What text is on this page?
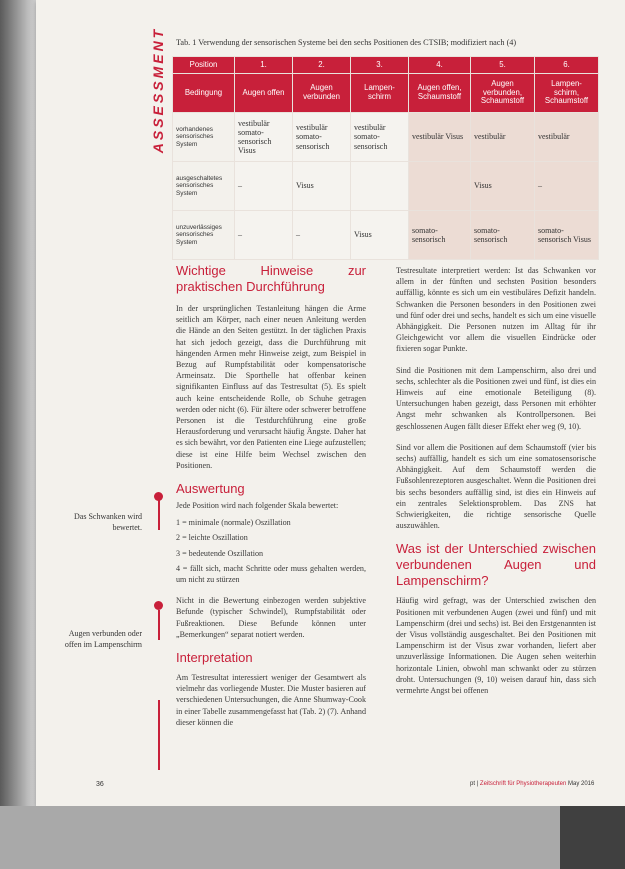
ASSESSMENT Tab. 1 Verwendung der sensorischen Systeme bei den sechs Positionen des CTSIB; modifiziert nach (4)
Position	1.	2.	3.	4.	5.	6.
Bedingung	Augen offen	Augen verbunden	Lampen- schirm	Augen offen, Schaumstoff	Augen verbunden, Schaumstoff	Lampen- schirm, Schaumstoff
vorhandenes sensorisches System	vestibulär somato- sensorisch Visus	vestibulär somato- sensorisch	vestibulär somato- sensorisch	vestibulär Visus	vestibulär	vestibulär
ausgeschaltetes sensorisches System	–	Visus			Visus	–
unzuverlässiges sensorisches System	–	–	Visus	somato- sensorisch	somato- sensorisch	somato- sensorisch Visus
Wichtige Hinweise zur praktischen Durchführung

In der ursprünglichen Testanleitung hängen die Arme seitlich am Körper, nach einer neuen Anleitung werden die Hände an den Seiten gestützt. In der täglichen Praxis hat sich jedoch gezeigt, dass die Durchführung mit hängenden Armen mehr Hinweise zeigt, zum Beispiel in Bezug auf Rumpfstabilität oder kompensatorische Armeinsatz. Die Sporthelle hat offenbar keinen signifikanten Einfluss auf das Testresultat (5). Es spielt auch keine entscheidende Rolle, ob Schuhe getragen werden oder nicht (6). Für ältere oder schwerer betroffene Personen ist die Testdurchführung eine große Herausforderung und verursacht häufig Ängste. Daher hat es sich bewährt, vor den Patienten eine Liege aufzustellen; diese ist eine Hilfe beim Wechsel zwischen den Positionen.

Auswertung

Jede Position wird nach folgender Skala bewertet:

1 = minimale (normale) Oszillation
2 = leichte Oszillation
3 = bedeutende Oszillation
4 = fällt sich, macht Schritte oder muss gehalten werden, um nicht zu stürzen

Nicht in die Bewertung einbezogen werden subjektive Befunde (typischer Schwindel), Rumpfstabilität oder Fußreaktionen. Diese Befunde können unter „Bemerkungen“ separat notiert werden.

Interpretation

Am Testresultat interessiert weniger der Gesamtwert als vielmehr das vorliegende Muster. Die Muster basieren auf verschiedenen Untersuchungen, die Anne Shumway-Cook in einer Tabelle zusammengefasst hat (Tab. 2) (7). Anhand dieser können die

Testresultate interpretiert werden: Ist das Schwanken vor allem in der fünften und sechsten Position besonders auffällig, könnte es sich um ein vestibuläres Defizit handeln. Schwanken die Personen besonders in den Positionen zwei und fünf oder drei und sechs, handelt es sich um eine visuelle Abhängigkeit. Die Personen nutzen im Alltag für ihr Gleichgewicht vor allem die visuellen Eindrücke oder fixieren sogar Punkte.

Sind die Positionen mit dem Lampenschirm, also drei und sechs, schlechter als die Positionen zwei und fünf, ist dies ein Hinweis auf eine emotionale Beteiligung (8). Untersuchungen haben gezeigt, dass Personen mit erhöhter Angst mehr schwanken als Kontrollpersonen. Bei geschlossenen Augen fällt dieser Effekt eher weg (9, 10).

Sind vor allem die Positionen auf dem Schaumstoff (vier bis sechs) auffällig, handelt es sich um eine somatosensorische Abhängigkeit. Auf dem Schaumstoff werden die Fußsohlenrezeptoren ausgeschaltet. Wenn die Positionen drei bis sechs besonders auffällig sind, ist dies ein Hinweis auf ein zentrales Selektionsproblem. Das ZNS hat Schwierigkeiten, die richtige sensorische Quelle auszuwählen.

Was ist der Unterschied zwischen verbundenen Augen und Lampenschirm?

Häufig wird gefragt, was der Unterschied zwischen den Positionen mit verbundenen Augen (zwei und fünf) und mit Lampenschirm (drei und sechs) ist. Bei den Erstgenannten ist der Visus vollständig ausgeschaltet. Bei den Positionen mit Lampenschirm ist der Visus zwar vorhanden, liefert aber unzuverlässige Informationen. Die Augen sehen weiterhin horizontale Linien, obwohl man schwankt oder zu stürzen droht. Untersuchungen (9, 10) weisen darauf hin, dass sich vermehrte Angst bei offenen

Das Schwanken wird bewertet.
Augen verbunden oder offen im Lampenschirm
36	pt | Zeitschrift für Physiotherapeuten May 2016
